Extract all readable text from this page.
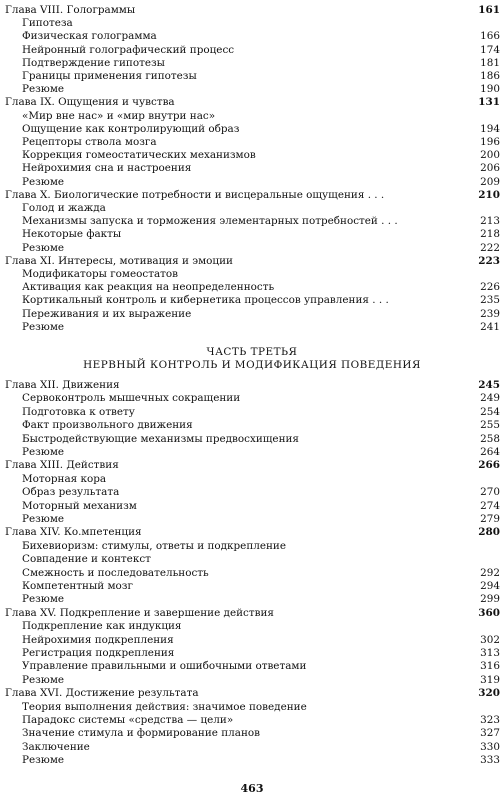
Глава VIII. Голограммы	161
Гипотеза
Физическая голограмма	166
Нейронный голографический процесс	174
Подтверждение гипотезы	181
Границы применения гипотезы	186
Резюме	190
Глава IX. Ощущения и чувства	131
«Мир вне нас» и «мир внутри нас»
Ощущение как контролирующий образ	194
Рецепторы ствола мозга	196
Коррекция гомеостатических механизмов	200
Нейрохимия сна и настроения	206
Резюме	209
Глава X. Биологические потребности и висцеральные ощущения . . .	210
Голод и жажда
Механизмы запуска и торможения элементарных потребностей . . .	213
Некоторые факты	218
Резюме	222
Глава XI. Интересы, мотивация и эмоции	223
Модификаторы гомеостатов
Активация как реакция на неопределенность	226
Кортикальный контроль и кибернетика процессов управления . . .	235
Переживания и их выражение	239
Резюме	241
ЧАСТЬ ТРЕТЬЯ
НЕРВНЫЙ КОНТРОЛЬ И МОДИФИКАЦИЯ ПОВЕДЕНИЯ
Глава XII. Движения	245
Сервоконтроль мышечных сокращении	249
Подготовка к ответу	254
Факт произвольного движения	255
Быстродействующие механизмы предвосхищения	258
Резюме	264
Глава XIII. Действия	266
Моторная кора
Образ результата	270
Моторный механизм	274
Резюме	279
Глава XIV. Ко.мпетенция	280
Бихевиоризм: стимулы, ответы и подкрепление
Совпадение и контекст
Смежность и последовательность	292
Компетентный мозг	294
Резюме	299
Глава XV. Подкрепление и завершение действия	360
Подкрепление как индукция
Нейрохимия подкрепления	302
Регистрация подкрепления	313
Управление правильными и ошибочными ответами	316
Резюме	319
Глава XVI. Достижение результата	320
Теория выполнения действия: значимое поведение
Парадокс системы «средства — цели»	323
Значение стимула и формирование планов	327
Заключение	330
Резюме	333
463
